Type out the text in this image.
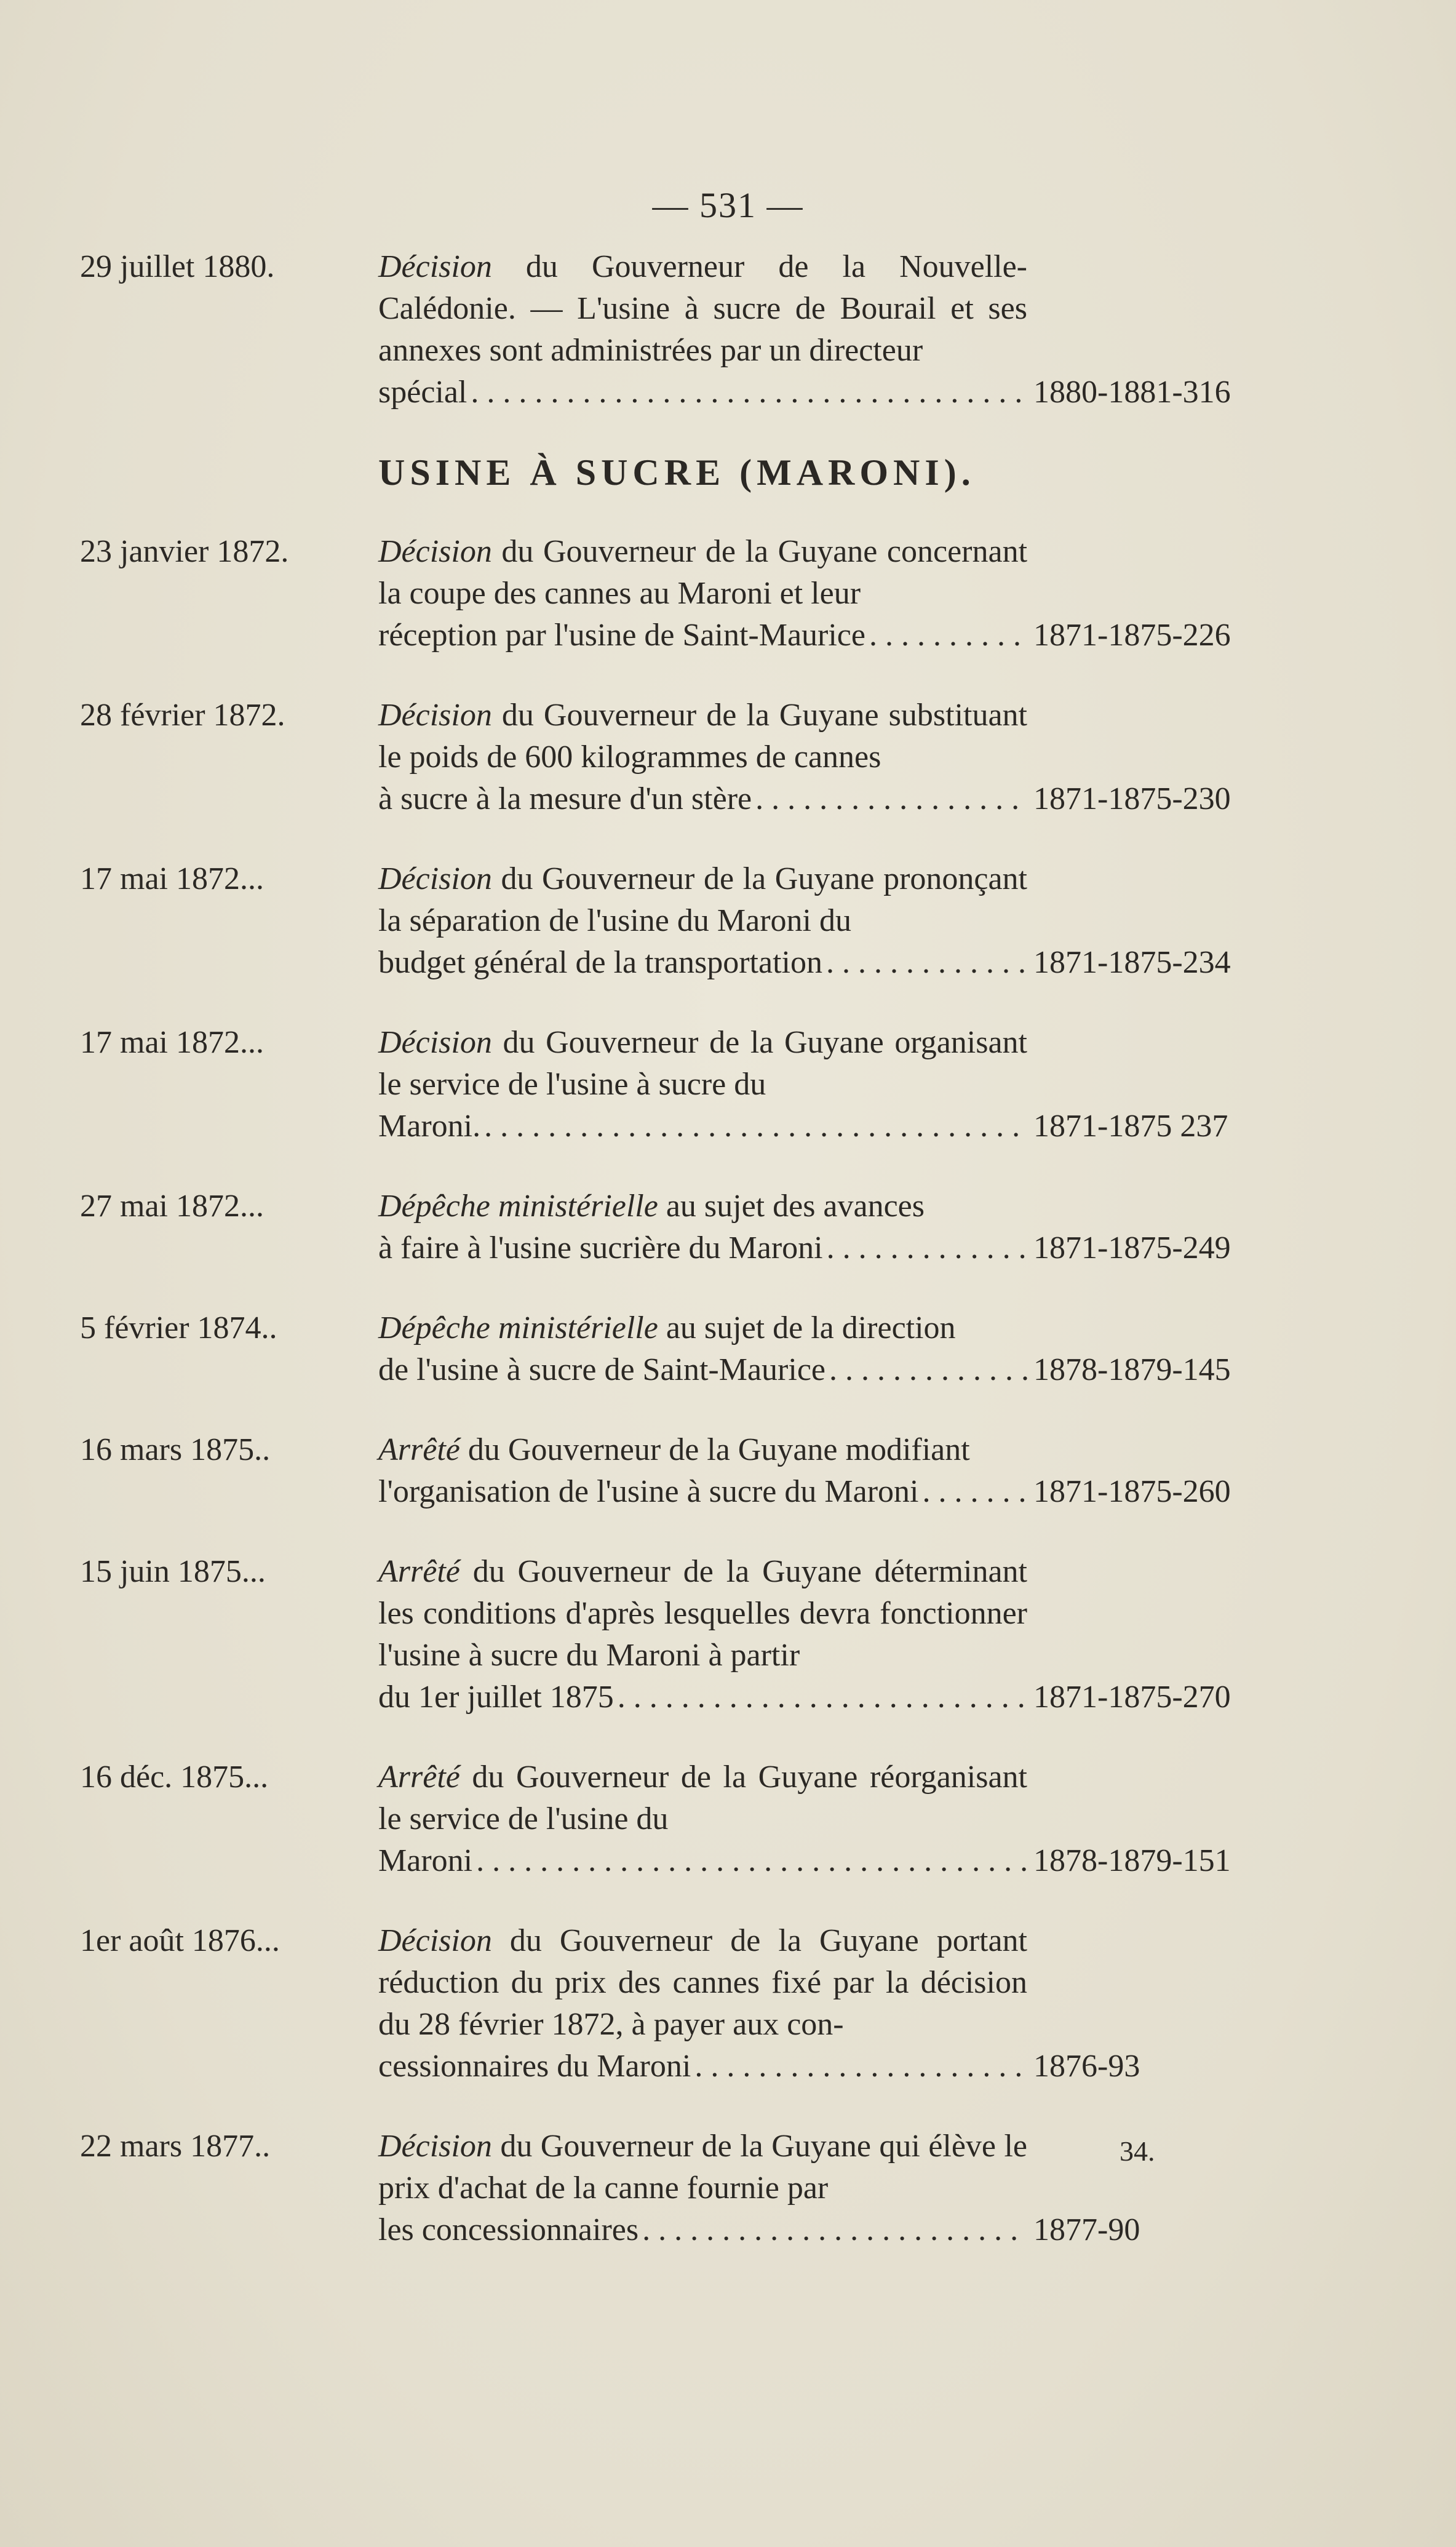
— 531 —
29 juillet 1880.	Décision du Gouverneur de la Nouvelle-Calédonie. — L'usine à sucre de Bourail et ses annexes sont administrées par un directeur
spécial . . .	1880-1881-316
USINE À SUCRE (MARONI).
23 janvier 1872.	Décision du Gouverneur de la Guyane concernant la coupe des cannes au Maroni et leur
réception par l'usine de Saint-Maurice . . .	1871-1875-226
28 février 1872.	Décision du Gouverneur de la Guyane substituant le poids de 600 kilogrammes de cannes
à sucre à la mesure d'un stère . . .	1871-1875-230
17 mai 1872...	Décision du Gouverneur de la Guyane prononçant la séparation de l'usine du Maroni du
budget général de la transportation . . .	1871-1875-234
17 mai 1872...	Décision du Gouverneur de la Guyane organisant le service de l'usine à sucre du
Maroni. . . .	1871-1875 237
27 mai 1872...	Dépêche ministérielle au sujet des avances
à faire à l'usine sucrière du Maroni . . .	1871-1875-249
5 février 1874..	Dépêche ministérielle au sujet de la direction
de l'usine à sucre de Saint-Maurice . . .	1878-1879-145
16 mars 1875..	Arrêté du Gouverneur de la Guyane modifiant
l'organisation de l'usine à sucre du Maroni . . .	1871-1875-260
15 juin 1875...	Arrêté du Gouverneur de la Guyane déterminant les conditions d'après lesquelles devra fonctionner l'usine à sucre du Maroni à partir
du 1er juillet 1875 . . .	1871-1875-270
16 déc. 1875...	Arrêté du Gouverneur de la Guyane réorganisant le service de l'usine du
Maroni . . .	1878-1879-151
1er août 1876...	Décision du Gouverneur de la Guyane portant réduction du prix des cannes fixé par la décision du 28 février 1872, à payer aux con-
cessionnaires du Maroni . . .	1876-93
22 mars 1877..	Décision du Gouverneur de la Guyane qui élève le prix d'achat de la canne fournie par
les concessionnaires . . .	1877-90
34.
